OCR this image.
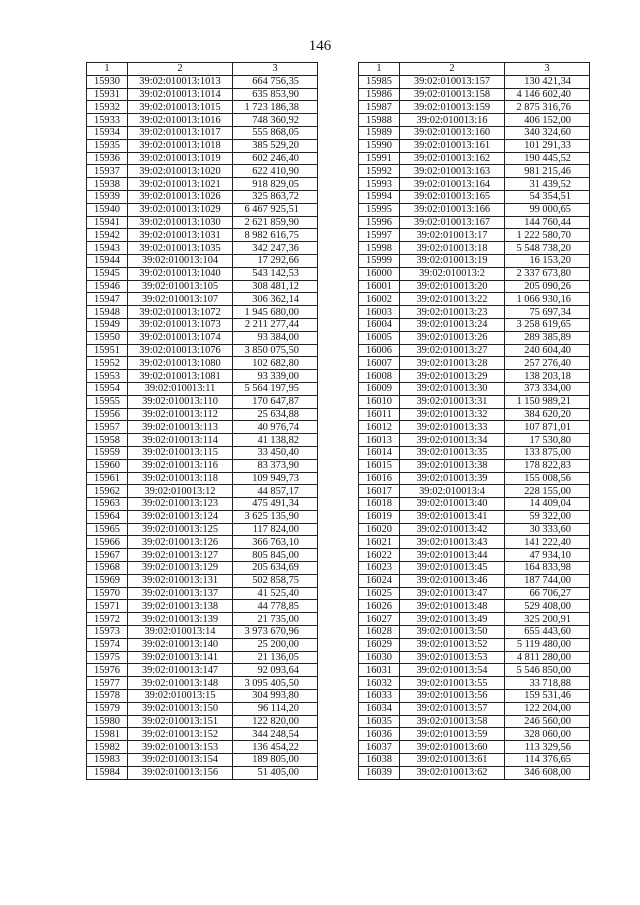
146
1	2	3
15930	39:02:010013:1013	664 756,35
15931	39:02:010013:1014	635 853,90
15932	39:02:010013:1015	1 723 186,38
15933	39:02:010013:1016	748 360,92
15934	39:02:010013:1017	555 868,05
15935	39:02:010013:1018	385 529,20
15936	39:02:010013:1019	602 246,40
15937	39:02:010013:1020	622 410,90
15938	39:02:010013:1021	918 829,05
15939	39:02:010013:1026	325 863,72
15940	39:02:010013:1029	6 467 925,51
15941	39:02:010013:1030	2 621 859,90
15942	39:02:010013:1031	8 982 616,75
15943	39:02:010013:1035	342 247,36
15944	39:02:010013:104	17 292,66
15945	39:02:010013:1040	543 142,53
15946	39:02:010013:105	308 481,12
15947	39:02:010013:107	306 362,14
15948	39:02:010013:1072	1 945 680,00
15949	39:02:010013:1073	2 211 277,44
15950	39:02:010013:1074	93 384,00
15951	39:02:010013:1076	3 850 075,50
15952	39:02:010013:1080	102 682,80
15953	39:02:010013:1081	93 339,00
15954	39:02:010013:11	5 564 197,95
15955	39:02:010013:110	170 647,87
15956	39:02:010013:112	25 634,88
15957	39:02:010013:113	40 976,74
15958	39:02:010013:114	41 138,82
15959	39:02:010013:115	33 450,40
15960	39:02:010013:116	83 373,90
15961	39:02:010013:118	109 949,73
15962	39:02:010013:12	44 857,17
15963	39:02:010013:123	475 491,34
15964	39:02:010013:124	3 625 135,90
15965	39:02:010013:125	117 824,00
15966	39:02:010013:126	366 763,10
15967	39:02:010013:127	805 845,00
15968	39:02:010013:129	205 634,69
15969	39:02:010013:131	502 858,75
15970	39:02:010013:137	41 525,40
15971	39:02:010013:138	44 778,85
15972	39:02:010013:139	21 735,00
15973	39:02:010013:14	3 973 670,96
15974	39:02:010013:140	25 200,00
15975	39:02:010013:141	21 136,05
15976	39:02:010013:147	92 093,64
15977	39:02:010013:148	3 095 405,50
15978	39:02:010013:15	304 993,80
15979	39:02:010013:150	96 114,20
15980	39:02:010013:151	122 820,00
15981	39:02:010013:152	344 248,54
15982	39:02:010013:153	136 454,22
15983	39:02:010013:154	189 805,00
15984	39:02:010013:156	51 405,00
1	2	3
15985	39:02:010013:157	130 421,34
15986	39:02:010013:158	4 146 602,40
15987	39:02:010013:159	2 875 316,76
15988	39:02:010013:16	406 152,00
15989	39:02:010013:160	340 324,60
15990	39:02:010013:161	101 291,33
15991	39:02:010013:162	190 445,52
15992	39:02:010013:163	981 215,46
15993	39:02:010013:164	31 439,52
15994	39:02:010013:165	54 354,51
15995	39:02:010013:166	99 000,65
15996	39:02:010013:167	144 760,44
15997	39:02:010013:17	1 222 580,70
15998	39:02:010013:18	5 548 738,20
15999	39:02:010013:19	16 153,20
16000	39:02:010013:2	2 337 673,80
16001	39:02:010013:20	205 090,26
16002	39:02:010013:22	1 066 930,16
16003	39:02:010013:23	75 697,34
16004	39:02:010013:24	3 258 619,65
16005	39:02:010013:26	289 385,89
16006	39:02:010013:27	240 604,40
16007	39:02:010013:28	257 276,40
16008	39:02:010013:29	138 203,18
16009	39:02:010013:30	373 334,00
16010	39:02:010013:31	1 150 989,21
16011	39:02:010013:32	384 620,20
16012	39:02:010013:33	107 871,01
16013	39:02:010013:34	17 530,80
16014	39:02:010013:35	133 875,00
16015	39:02:010013:38	178 822,83
16016	39:02:010013:39	155 008,56
16017	39:02:010013:4	228 155,00
16018	39:02:010013:40	14 409,04
16019	39:02:010013:41	59 322,00
16020	39:02:010013:42	30 333,60
16021	39:02:010013:43	141 222,40
16022	39:02:010013:44	47 934,10
16023	39:02:010013:45	164 833,98
16024	39:02:010013:46	187 744,00
16025	39:02:010013:47	66 706,27
16026	39:02:010013:48	529 408,00
16027	39:02:010013:49	325 200,91
16028	39:02:010013:50	655 443,60
16029	39:02:010013:52	5 119 480,00
16030	39:02:010013:53	4 811 280,00
16031	39:02:010013:54	5 546 850,00
16032	39:02:010013:55	33 718,88
16033	39:02:010013:56	159 531,46
16034	39:02:010013:57	122 204,00
16035	39:02:010013:58	246 560,00
16036	39:02:010013:59	328 060,00
16037	39:02:010013:60	113 329,56
16038	39:02:010013:61	114 376,65
16039	39:02:010013:62	346 608,00
